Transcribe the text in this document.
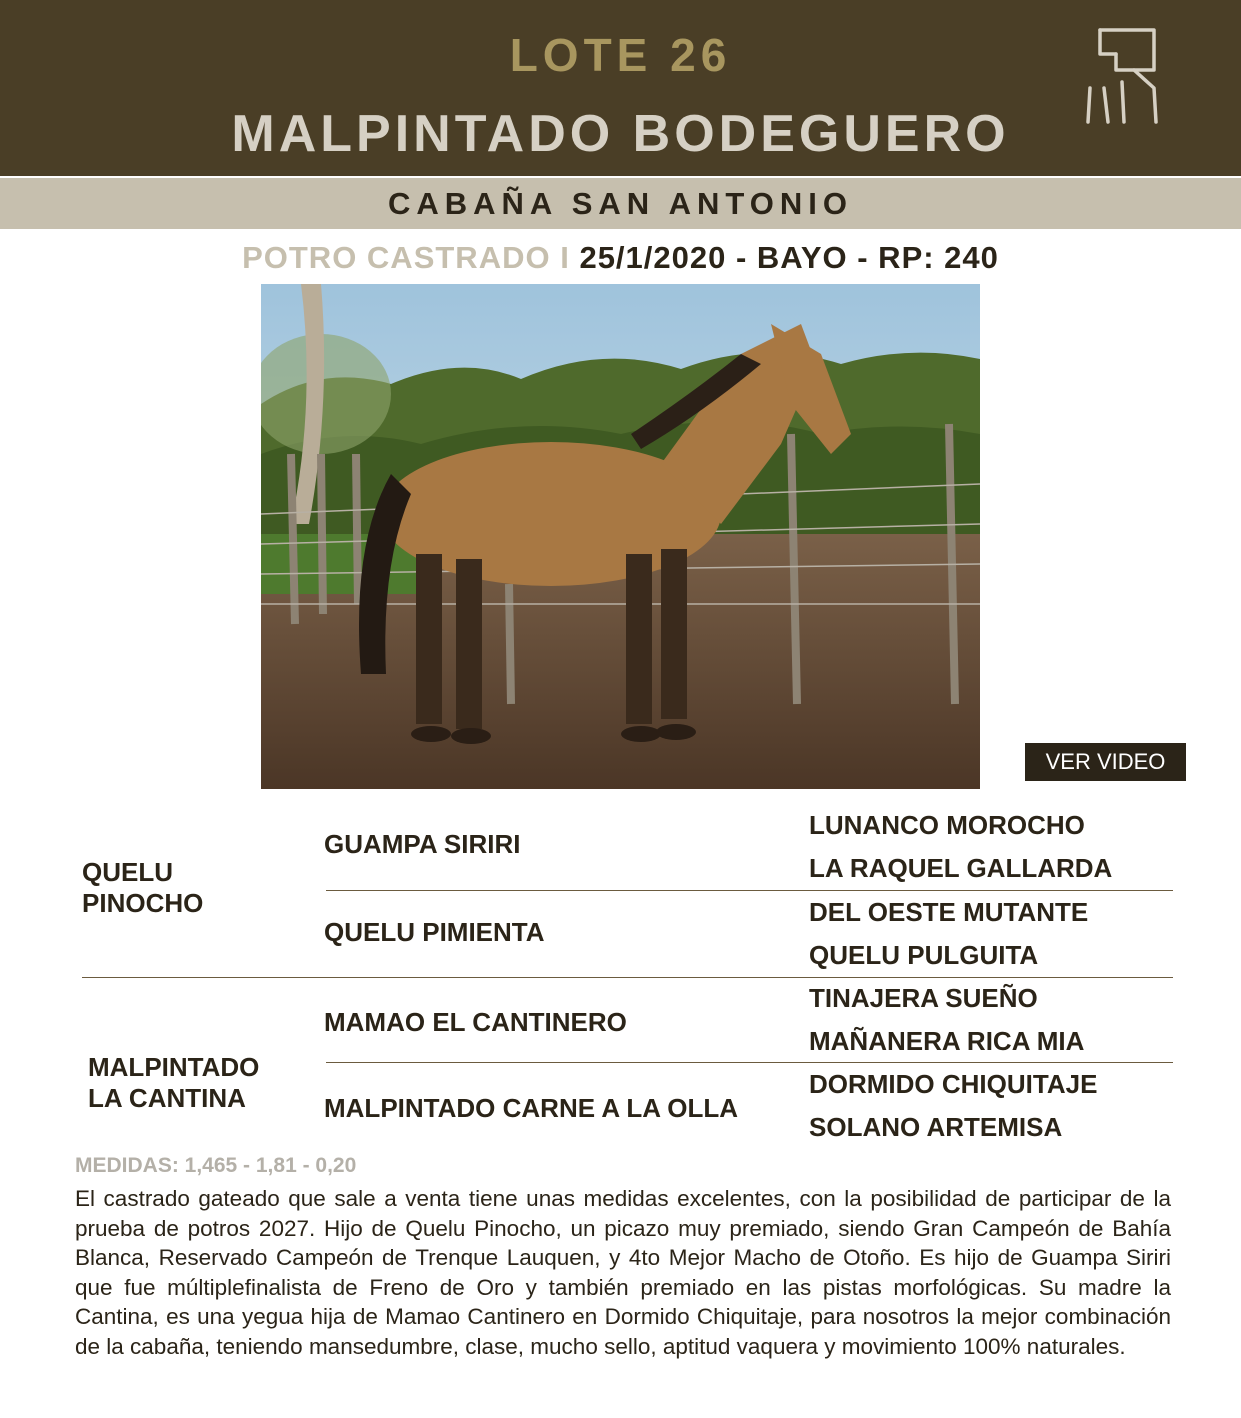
LOTE 26
MALPINTADO BODEGUERO
CABAÑA SAN ANTONIO
POTRO CASTRADO I 25/1/2020 - BAYO - RP: 240
VER VIDEO
QUELU
PINOCHO
MALPINTADO
LA CANTINA
GUAMPA SIRIRI
QUELU PIMIENTA
MAMAO EL CANTINERO
MALPINTADO CARNE A LA OLLA
LUNANCO MOROCHO
LA RAQUEL GALLARDA
DEL OESTE MUTANTE
QUELU PULGUITA
TINAJERA SUEÑO
MAÑANERA RICA MIA
DORMIDO CHIQUITAJE
SOLANO ARTEMISA
MEDIDAS: 1,465 - 1,81 - 0,20
El castrado gateado que sale a venta tiene unas medidas excelentes, con la posibilidad de participar de la prueba de potros 2027. Hijo de Quelu Pinocho, un picazo muy premiado, siendo Gran Campeón de Bahía Blanca, Reservado Campeón de Trenque Lauquen, y 4to Mejor Macho de Otoño. Es hijo de Guampa Siriri que fue múltiplefinalista de Freno de Oro y también premiado en las pistas morfológicas. Su madre la Cantina, es una yegua hija de Mamao Cantinero en Dormido Chiquitaje, para nosotros la mejor combinación de la cabaña, teniendo mansedumbre, clase, mucho sello, aptitud vaquera y movimiento 100% naturales.
